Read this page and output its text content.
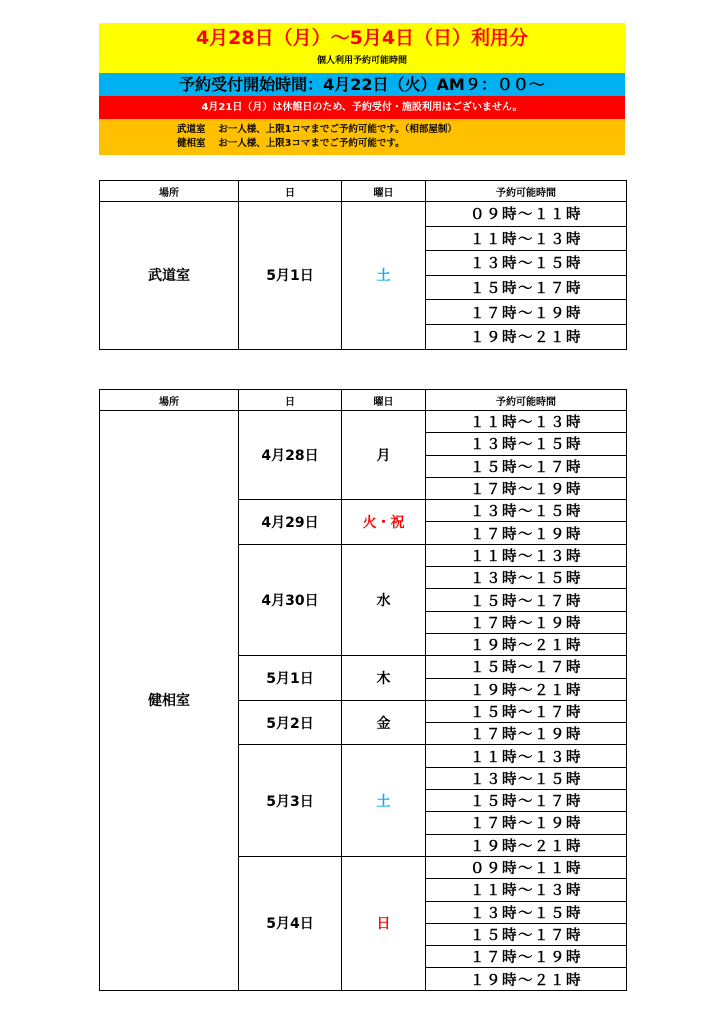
4月28日（月）～5月4日（日）利用分
個人利用予約可能時間
予約受付開始時間：4月22日（火）AM９：００～
4月21日（月）は休館日のため、予約受付・施設利用はございません。
武道室　 お一人様、上限1コマまでご予約可能です。（相部屋制）
健相室　 お一人様、上限3コマまでご予約可能です。
場所	日	曜日	予約可能時間
武道室	5月1日	土	０９時～１１時
			１１時～１３時
			１３時～１５時
			１５時～１７時
			１７時～１９時
			１９時～２１時
場所	日	曜日	予約可能時間
健相室	4月28日	月	１１時～１３時
			１３時～１５時
			１５時～１７時
			１７時～１９時
	4月29日	火・祝	１３時～１５時
			１７時～１９時
	4月30日	水	１１時～１３時
			１３時～１５時
			１５時～１７時
			１７時～１９時
			１９時～２１時
	5月1日	木	１５時～１７時
			１９時～２１時
	5月2日	金	１５時～１７時
			１７時～１９時
	5月3日	土	１１時～１３時
			１３時～１５時
			１５時～１７時
			１７時～１９時
			１９時～２１時
	5月4日	日	０９時～１１時
			１１時～１３時
			１３時～１５時
			１５時～１７時
			１７時～１９時
			１９時～２１時
